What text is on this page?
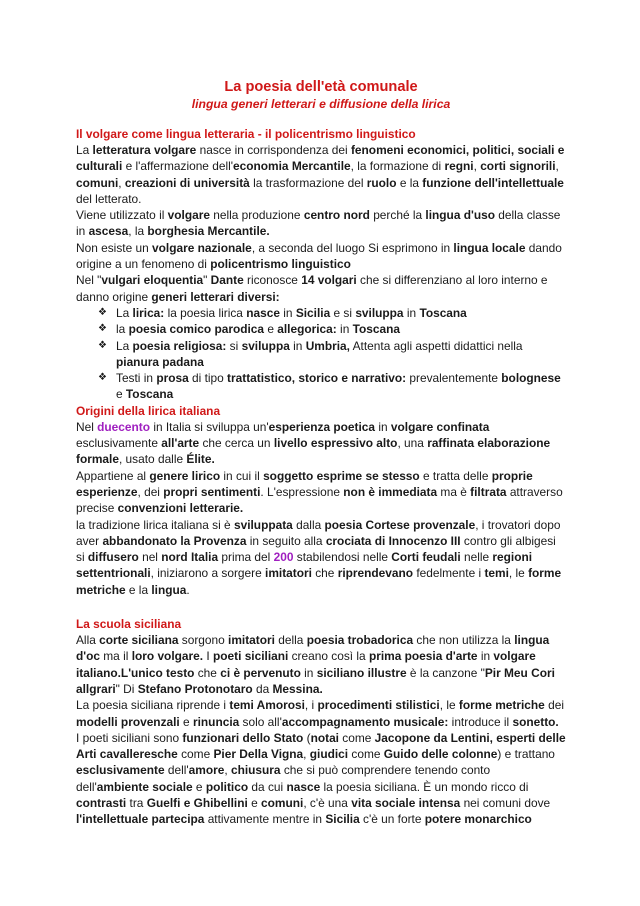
La poesia dell'età comunale
lingua generi letterari e diffusione della lirica
Il volgare come lingua letteraria - il policentrismo linguistico

La letteratura volgare nasce in corrispondenza dei fenomeni economici, politici, sociali e culturali e l'affermazione dell'economia Mercantile, la formazione di regni, corti signorili, comuni, creazioni di università la trasformazione del ruolo e la funzione dell'intellettuale del letterato.

Viene utilizzato il volgare nella produzione centro nord perché la lingua d'uso della classe in ascesa, la borghesia Mercantile.

Non esiste un volgare nazionale, a seconda del luogo Si esprimono in lingua locale dando origine a un fenomeno di policentrismo linguistico

Nel "vulgari eloquentia" Dante riconosce 14 volgari che si differenziano al loro interno e danno origine generi letterari diversi:

❖ La lirica: la poesia lirica nasce in Sicilia e si sviluppa in Toscana
❖ la poesia comico parodica e allegorica: in Toscana
❖ La poesia religiosa: si sviluppa in Umbria, Attenta agli aspetti didattici nella pianura padana
❖ Testi in prosa di tipo trattatistico, storico e narrativo: prevalentemente bolognese e Toscana
Origini della lirica italiana

Nel duecento in Italia si sviluppa un'esperienza poetica in volgare confinata esclusivamente all'arte che cerca un livello espressivo alto, una raffinata elaborazione formale, usato dalle Élite.

Appartiene al genere lirico in cui il soggetto esprime se stesso e tratta delle proprie esperienze, dei propri sentimenti. L'espressione non è immediata ma è filtrata attraverso precise convenzioni letterarie.

la tradizione lirica italiana si è sviluppata dalla poesia Cortese provenzale, i trovatori dopo aver abbandonato la Provenza in seguito alla crociata di Innocenzo III contro gli albigesi si diffusero nel nord Italia prima del 200 stabilendosi nelle Corti feudali nelle regioni settentrionali, iniziarono a sorgere imitatori che riprendevano fedelmente i temi, le forme metriche e la lingua.

La scuola siciliana

Alla corte siciliana sorgono imitatori della poesia trobadorica che non utilizza la lingua d'oc ma il loro volgare. I poeti siciliani creano così la prima poesia d'arte in volgare italiano.L'unico testo che ci è pervenuto in siciliano illustre è la canzone "Pir Meu Cori allgrari" Di Stefano Protonotaro da Messina.

La poesia siciliana riprende i temi Amorosi, i procedimenti stilistici, le forme metriche dei modelli provenzali e rinuncia solo all'accompagnamento musicale: introduce il sonetto.

I poeti siciliani sono funzionari dello Stato (notai come Jacopone da Lentini, esperti delle Arti cavalleresche come Pier Della Vigna, giudici come Guido delle colonne) e trattano esclusivamente dell'amore, chiusura che si può comprendere tenendo conto dell'ambiente sociale e politico da cui nasce la poesia siciliana. È un mondo ricco di contrasti tra Guelfi e Ghibellini e comuni, c'è una vita sociale intensa nei comuni dove l'intellettuale partecipa attivamente mentre in Sicilia c'è un forte potere monarchico
